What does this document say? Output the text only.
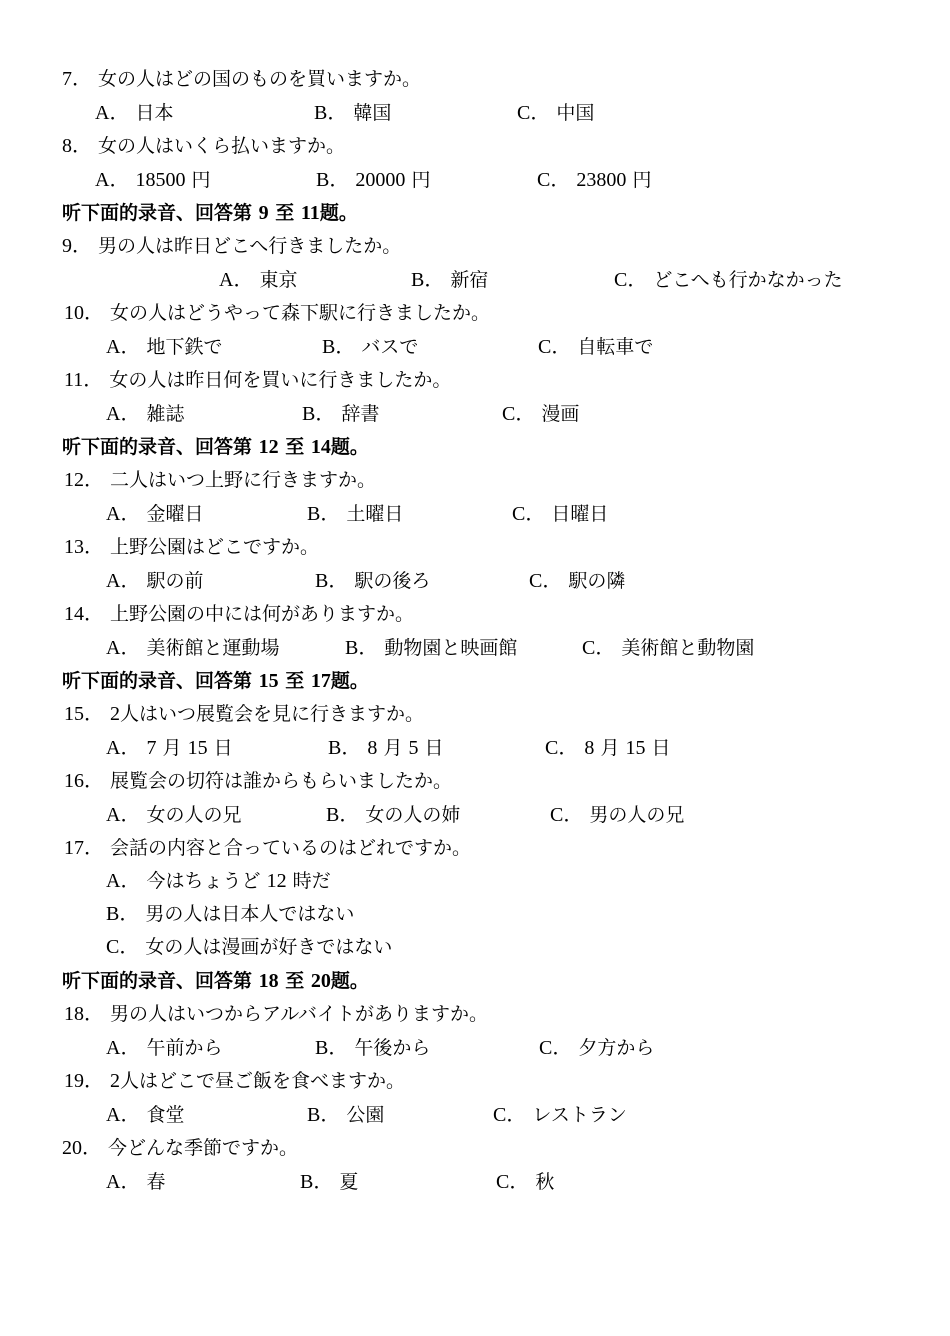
7． 女の人はどの国のものを買いますか。
A． 日本	B． 韓国	C． 中国
8． 女の人はいくら払いますか。
A． 18500 円	B． 20000 円	C． 23800 円
听下面的录音、回答第 9 至 11题。
9． 男の人は昨日どこへ行きましたか。
A． 東京	B． 新宿	C． どこへも行かなかった
10． 女の人はどうやって森下駅に行きましたか。
A． 地下鉄で	B． バスで	C． 自転車で
11． 女の人は昨日何を買いに行きましたか。
A． 雑誌	B． 辞書	C． 漫画
听下面的录音、回答第 12 至 14题。
12． 二人はいつ上野に行きますか。
A． 金曜日	B． 土曜日	C． 日曜日
13． 上野公園はどこですか。
A． 駅の前	B． 駅の後ろ	C． 駅の隣
14． 上野公園の中には何がありますか。
A． 美術館と運動場	B． 動物園と映画館	C． 美術館と動物園
听下面的录音、回答第 15 至 17题。
15． 2人はいつ展覧会を見に行きますか。
A． 7 月 15 日	B． 8 月 5 日	C． 8 月 15 日
16． 展覧会の切符は誰からもらいましたか。
A． 女の人の兄	B． 女の人の姉	C． 男の人の兄
17． 会話の内容と合っているのはどれですか。
A． 今はちょうど 12 時だ
B． 男の人は日本人ではない
C． 女の人は漫画が好きではない
听下面的录音、回答第 18 至 20题。
18． 男の人はいつからアルバイトがありますか。
A． 午前から	B． 午後から	C． 夕方から
19． 2人はどこで昼ご飯を食べますか。
A． 食堂	B． 公園	C． レストラン
20． 今どんな季節ですか。
A． 春	B． 夏	C． 秋
